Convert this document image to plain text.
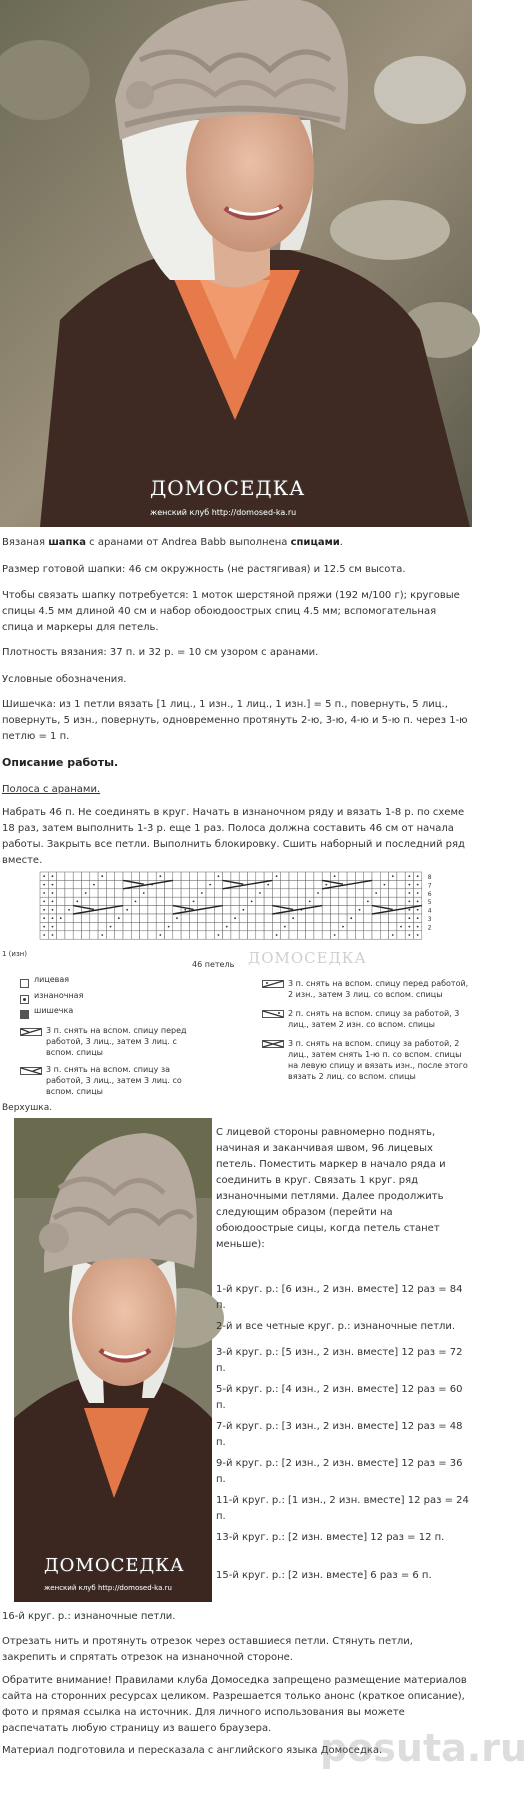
ДОМОСЕДКА
женский клуб http://domosed-ka.ru

Вязаная шапка с аранами от Andrea Babb выполнена спицами.

Размер готовой шапки: 46 см окружность (не растягивая) и 12.5 см высота.

Чтобы связать шапку потребуется: 1 моток шерстяной пряжи (192 м/100 г); круговые спицы 4.5 мм длиной 40 см и набор обоюдоострых спиц 4.5 мм; вспомогательная спица и маркеры для петель.

Плотность вязания: 37 п. и 32 р. = 10 см узором с аранами.

Условные обозначения.

Шишечка: из 1 петли вязать [1 лиц., 1 изн., 1 лиц., 1 изн.] = 5 п., повернуть, 5 лиц., повернуть, 5 изн., повернуть, одновременно протянуть 2-ю, 3-ю, 4-ю и 5-ю п. через 1-ю петлю = 1 п.

Описание работы.

Полоса с аранами.

Набрать 46 п. Не соединять в круг. Начать в изнаночном ряду и вязать 1-8 р. по схеме 18 раз, затем выполнить 1-3 р. еще 1 раз. Полоса должна составить 46 см от начала работы. Закрыть все петли. Выполнить блокировку. Сшить наборный и последний ряд вместе.

8
7
6
5
4
3
2
1 (изн)
46 петель
лицевая
изнаночная
шишечка
3 п. снять на вспом. спицу перед работой, 3 лиц., затем 3 лиц. с вспом. спицы
3 п. снять на вспом. спицу за работой, 3 лиц., затем 3 лиц. со вспом. спицы
ДОМОСЕДКА
3 п. снять на вспом. спицу перед работой, 2 изн., затем 3 лиц. со вспом. спицы
2 п. снять на вспом. спицу за работой, 3 лиц., затем 2 изн. со вспом. спицы
3 п. снять на вспом. спицу за работой, 2 лиц., затем снять 1-ю п. со вспом. спицы на левую спицу и вязать изн., после этого вязать 2 лиц. со вспом. спицы

Верхушка.

ДОМОСЕДКА
женский клуб http://domosed-ka.ru

С лицевой стороны равномерно поднять, начиная и заканчивая швом, 96 лицевых петель. Поместить маркер в начало ряда и соединить в круг. Связать 1 круг. ряд изнаночными петлями. Далее продолжить следующим образом (перейти на обоюдоострые сицы, когда петель станет меньше):

1-й круг. р.: [6 изн., 2 изн. вместе] 12 раз = 84 п.

2-й и все четные круг. р.: изнаночные петли.

3-й круг. р.: [5 изн., 2 изн. вместе] 12 раз = 72 п.

5-й круг. р.: [4 изн., 2 изн. вместе] 12 раз = 60 п.

7-й круг. р.: [3 изн., 2 изн. вместе] 12 раз = 48 п.

9-й круг. р.: [2 изн., 2 изн. вместе] 12 раз = 36 п.

11-й круг. р.: [1 изн., 2 изн. вместе] 12 раз = 24 п.

13-й круг. р.: [2 изн. вместе] 12 раз = 12 п.

15-й круг. р.: [2 изн. вместе] 6 раз = 6 п.

16-й круг. р.: изнаночные петли.

Отрезать нить и протянуть отрезок через оставшиеся петли. Стянуть петли, закрепить и спрятать отрезок на изнаночной стороне.

Обратите внимание! Правилами клуба Домоседка запрещено размещение материалов сайта на сторонних ресурсах целиком. Разрешается только анонс (краткое описание), фото и прямая ссылка на источник. Для личного использования вы можете распечатать любую страницу из вашего браузера.

Материал подготовила и пересказала с английского языка Домоседка.

posuta.ru
